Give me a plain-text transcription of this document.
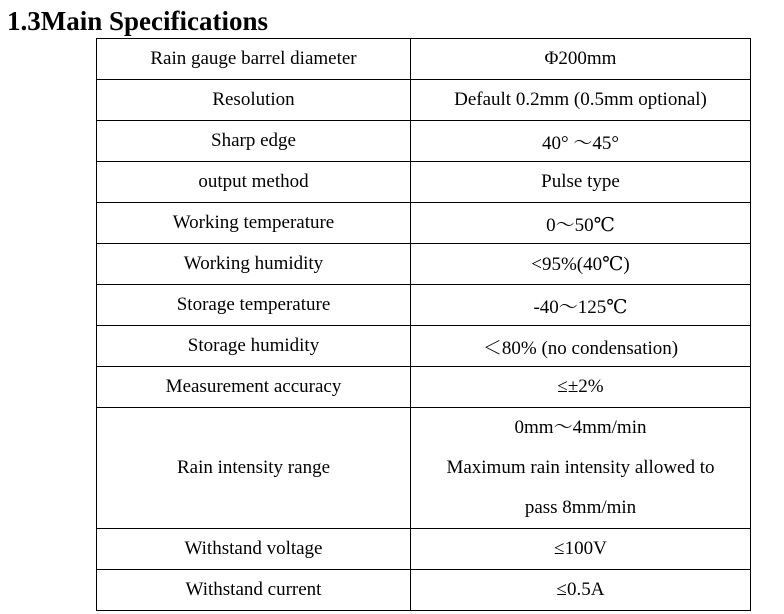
1.3Main Specifications
Rain gauge barrel diameter	Φ200mm
Resolution	Default 0.2mm (0.5mm optional)
Sharp edge	40° ～45°
output method	Pulse type
Working temperature	0～50℃
Working humidity	<95%(40℃)
Storage temperature	-40～125℃
Storage humidity	＜80% (no condensation)
Measurement accuracy	≤±2%
Rain intensity range	0mm～4mm/min
Maximum rain intensity allowed to
pass 8mm/min

Withstand voltage	≤100V
Withstand current	≤0.5A
